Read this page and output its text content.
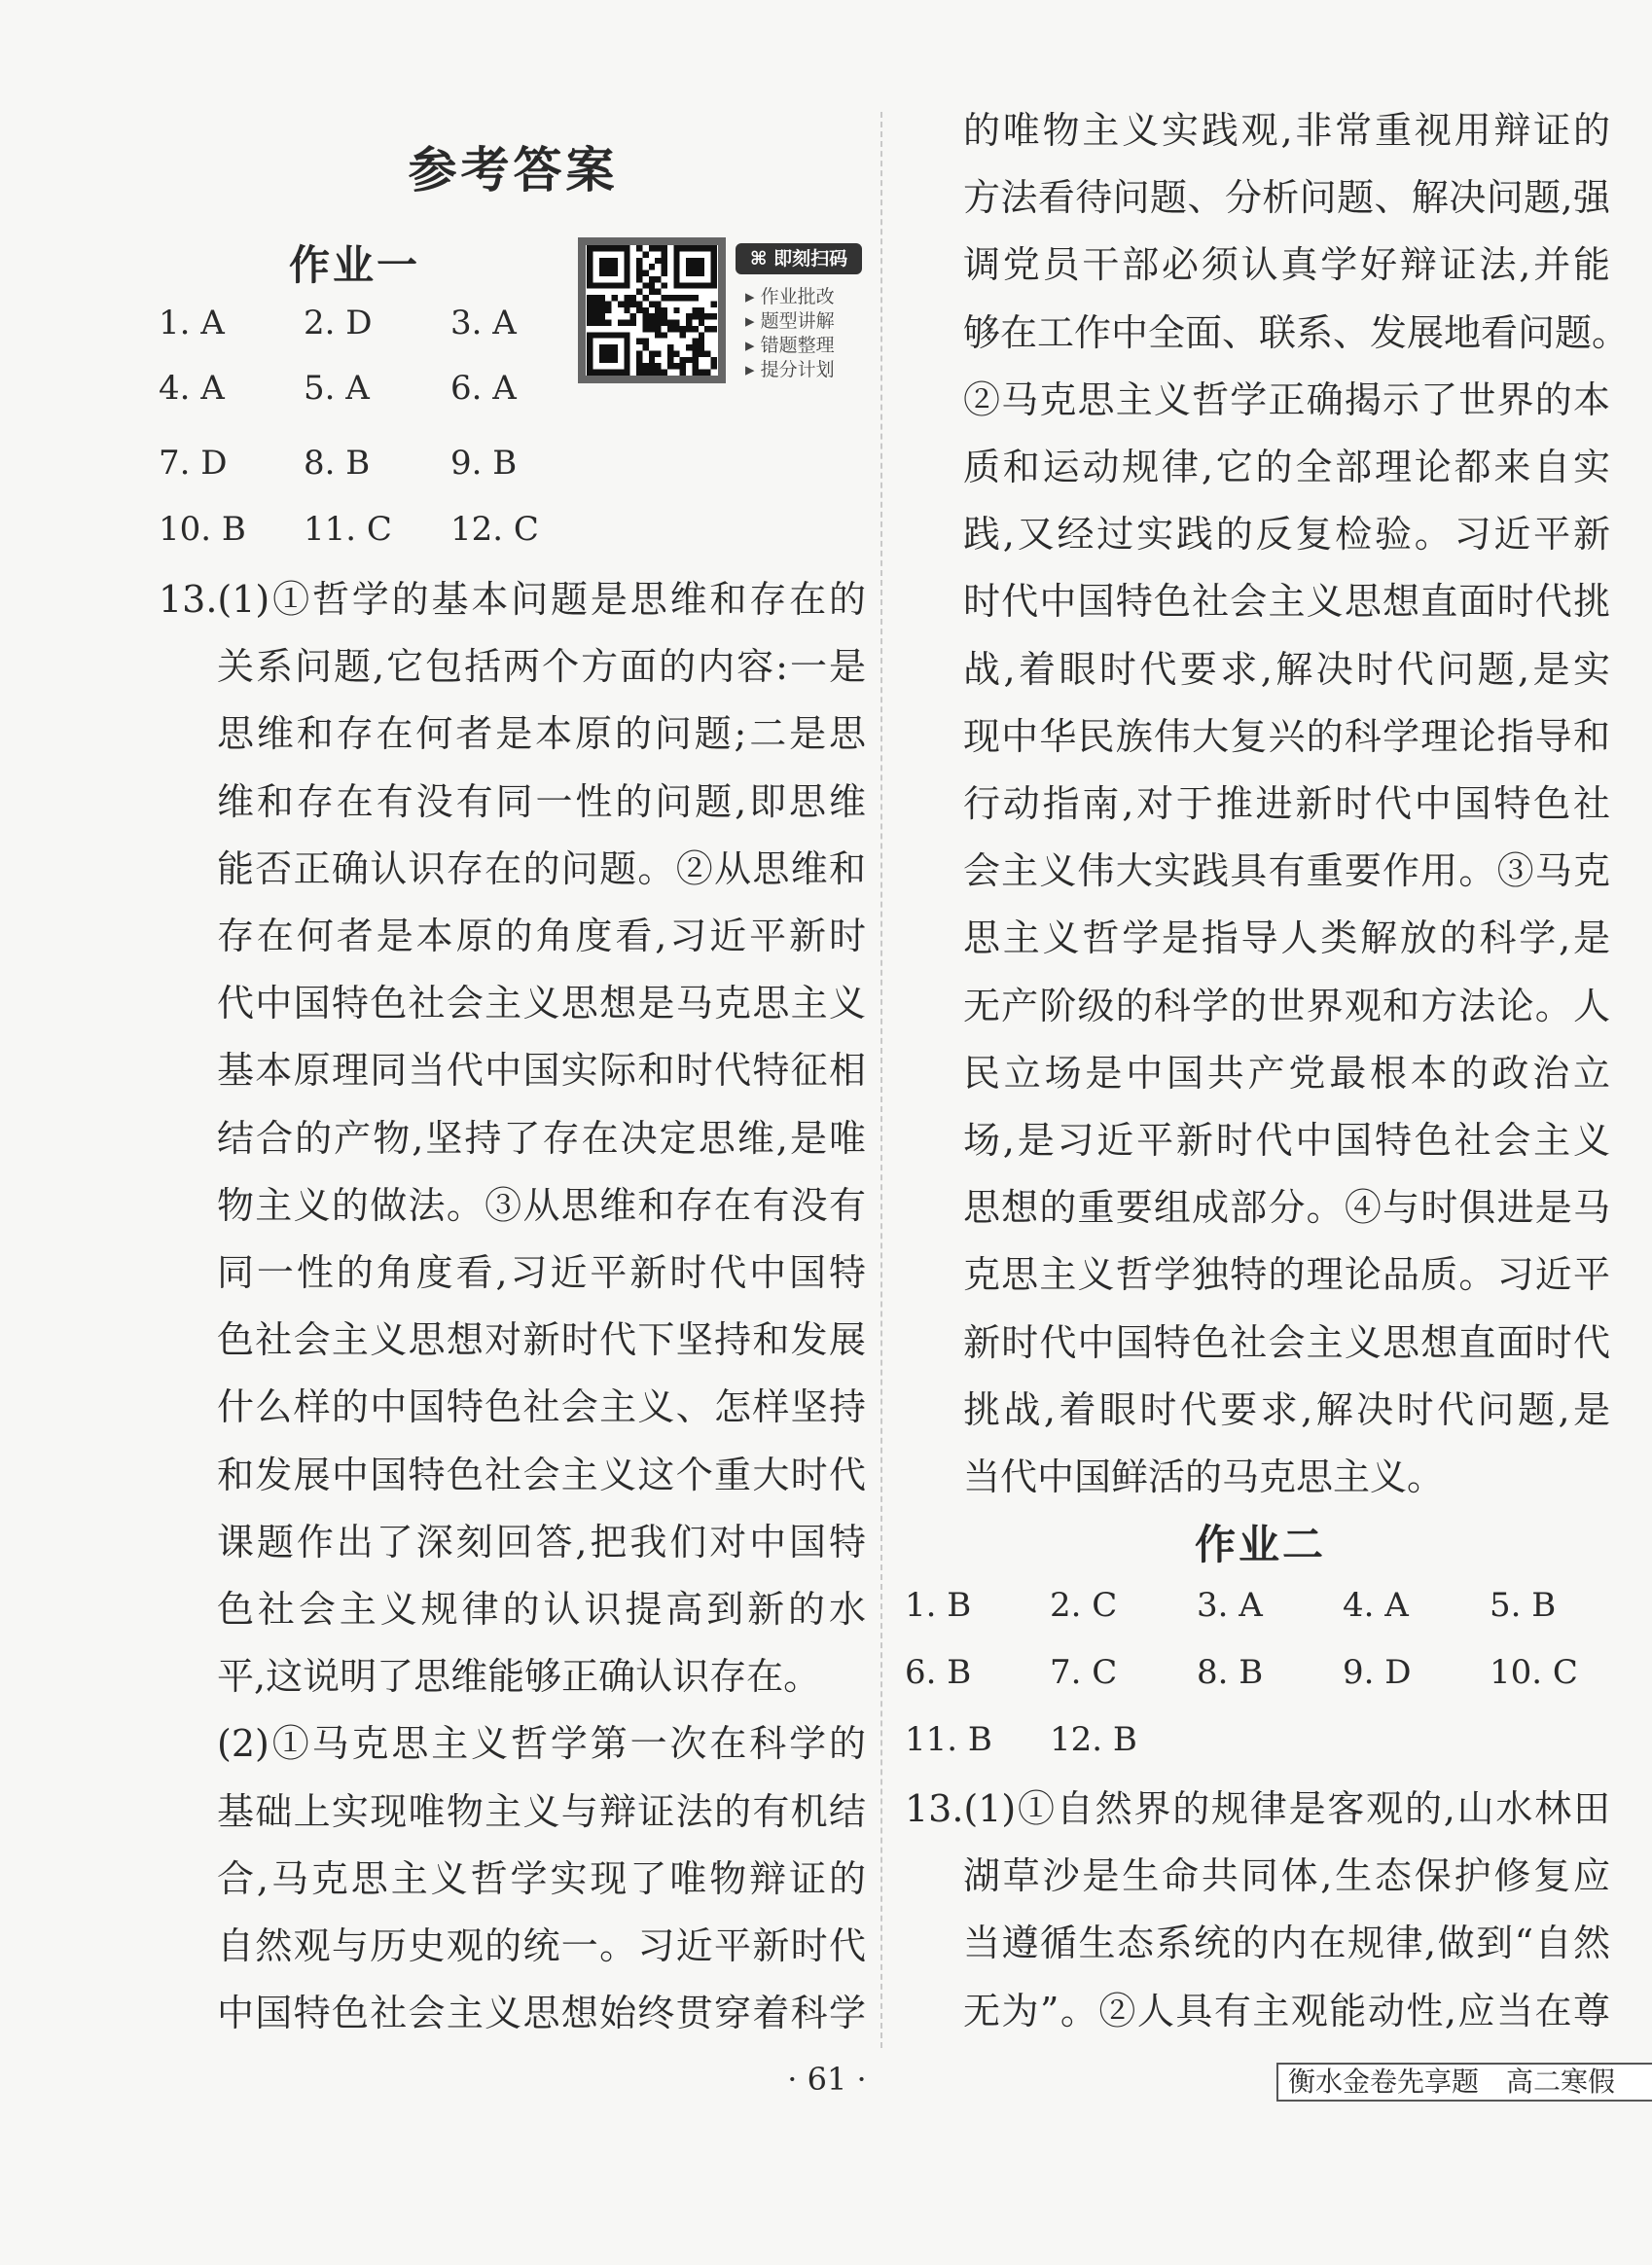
参考答案
作业一	⌘ 即刻扫码
▸ 作业批改
▸ 题型讲解
▸ 错题整理
▸ 提分计划
1. A 2. D 3. A
4. A 5. A 6. A
7. D 8. B 9. B
10. B 11. C 12. C
13.(1)①哲学的基本问题是思维和存在的
关系问题,它包括两个方面的内容:一是
思维和存在何者是本原的问题;二是思
维和存在有没有同一性的问题,即思维
能否正确认识存在的问题。②从思维和
存在何者是本原的角度看,习近平新时
代中国特色社会主义思想是马克思主义
基本原理同当代中国实际和时代特征相
结合的产物,坚持了存在决定思维,是唯
物主义的做法。③从思维和存在有没有
同一性的角度看,习近平新时代中国特
色社会主义思想对新时代下坚持和发展
什么样的中国特色社会主义、怎样坚持
和发展中国特色社会主义这个重大时代
课题作出了深刻回答,把我们对中国特
色社会主义规律的认识提高到新的水
平,这说明了思维能够正确认识存在。
(2)①马克思主义哲学第一次在科学的
基础上实现唯物主义与辩证法的有机结
合,马克思主义哲学实现了唯物辩证的
自然观与历史观的统一。习近平新时代
中国特色社会主义思想始终贯穿着科学
的唯物主义实践观,非常重视用辩证的
方法看待问题、分析问题、解决问题,强
调党员干部必须认真学好辩证法,并能
够在工作中全面、联系、发展地看问题。
②马克思主义哲学正确揭示了世界的本
质和运动规律,它的全部理论都来自实
践,又经过实践的反复检验。习近平新
时代中国特色社会主义思想直面时代挑
战,着眼时代要求,解决时代问题,是实
现中华民族伟大复兴的科学理论指导和
行动指南,对于推进新时代中国特色社
会主义伟大实践具有重要作用。③马克
思主义哲学是指导人类解放的科学,是
无产阶级的科学的世界观和方法论。人
民立场是中国共产党最根本的政治立
场,是习近平新时代中国特色社会主义
思想的重要组成部分。④与时俱进是马
克思主义哲学独特的理论品质。习近平
新时代中国特色社会主义思想直面时代
挑战,着眼时代要求,解决时代问题,是
当代中国鲜活的马克思主义。
作业二
1. B 2. C 3. A 4. A 5. B
6. B 7. C 8. B 9. D 10. C
11. B 12. B
13.(1)①自然界的规律是客观的,山水林田
湖草沙是生命共同体,生态保护修复应
当遵循生态系统的内在规律,做到“自然
无为”。②人具有主观能动性,应当在尊
· 61 ·	衡水金卷先享题　高二寒假
